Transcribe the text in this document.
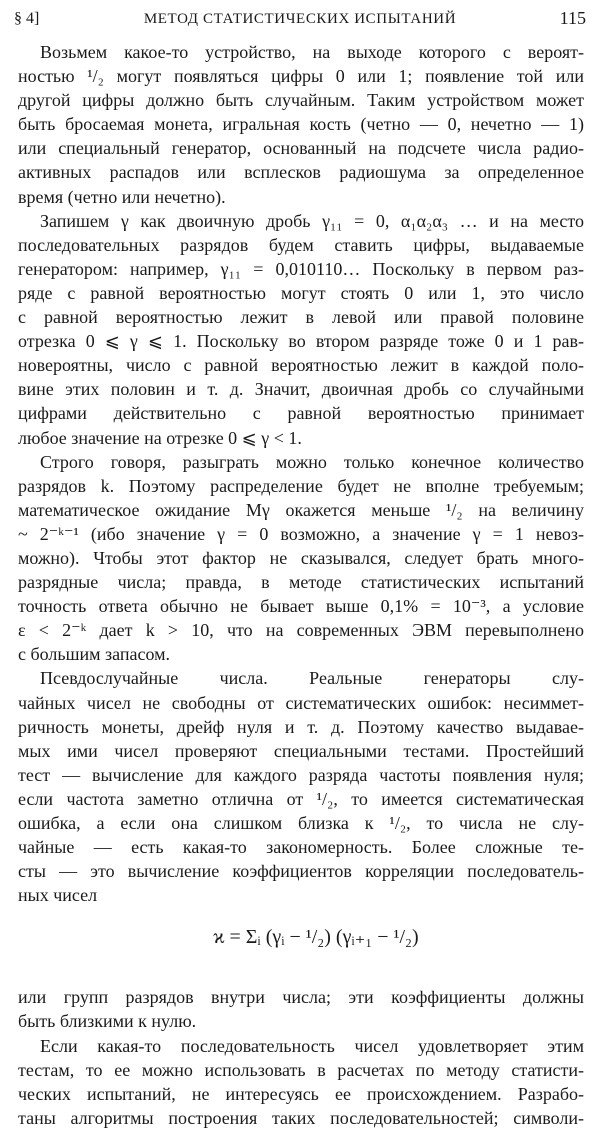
§ 4]	МЕТОД СТАТИСТИЧЕСКИХ ИСПЫТАНИЙ	115
Возьмем какое-то устройство, на выходе которого с вероят-
ностью ¹/₂ могут появляться цифры 0 или 1; появление той или
другой цифры должно быть случайным. Таким устройством может
быть бросаемая монета, игральная кость (четно — 0, нечетно — 1)
или специальный генератор, основанный на подсчете числа радио-
активных распадов или всплесков радиошума за определенное
время (четно или нечетно).
Запишем γ как двоичную дробь γ₁₁ = 0, α₁α₂α₃ … и на место
последовательных разрядов будем ставить цифры, выдаваемые
генератором: например, γ₁₁ = 0,010110… Поскольку в первом раз-
ряде с равной вероятностью могут стоять 0 или 1, это число
с равной вероятностью лежит в левой или правой половине
отрезка 0 ⩽ γ ⩽ 1. Поскольку во втором разряде тоже 0 и 1 рав-
новероятны, число с равной вероятностью лежит в каждой поло-
вине этих половин и т. д. Значит, двоичная дробь со случайными
цифрами действительно с равной вероятностью принимает
любое значение на отрезке 0 ⩽ γ < 1.
Строго говоря, разыграть можно только конечное количество
разрядов k. Поэтому распределение будет не вполне требуемым;
математическое ожидание Mγ окажется меньше ¹/₂ на величину
~ 2⁻ᵏ⁻¹ (ибо значение γ = 0 возможно, а значение γ = 1 невоз-
можно). Чтобы этот фактор не сказывался, следует брать много-
разрядные числа; правда, в методе статистических испытаний
точность ответа обычно не бывает выше 0,1% = 10⁻³, а условие
ε < 2⁻ᵏ дает k > 10, что на современных ЭВМ перевыполнено
с большим запасом.
Псевдослучайные числа. Реальные генераторы слу-
чайных чисел не свободны от систематических ошибок: несиммет-
ричность монеты, дрейф нуля и т. д. Поэтому качество выдавае-
мых ими чисел проверяют специальными тестами. Простейший
тест — вычисление для каждого разряда частоты появления нуля;
если частота заметно отлична от ¹/₂, то имеется систематическая
ошибка, а если она слишком близка к ¹/₂, то числа не слу-
чайные — есть какая-то закономерность. Более сложные те-
сты — это вычисление коэффициентов корреляции последователь-
ных чисел
ϰ = Σᵢ (γᵢ − ¹/₂) (γᵢ₊₁ − ¹/₂)
или групп разрядов внутри числа; эти коэффициенты должны
быть близкими к нулю.
Если какая-то последовательность чисел удовлетворяет этим
тестам, то ее можно использовать в расчетах по методу статисти-
ческих испытаний, не интересуясь ее происхождением. Разрабо-
таны алгоритмы построения таких последовательностей; символи-
